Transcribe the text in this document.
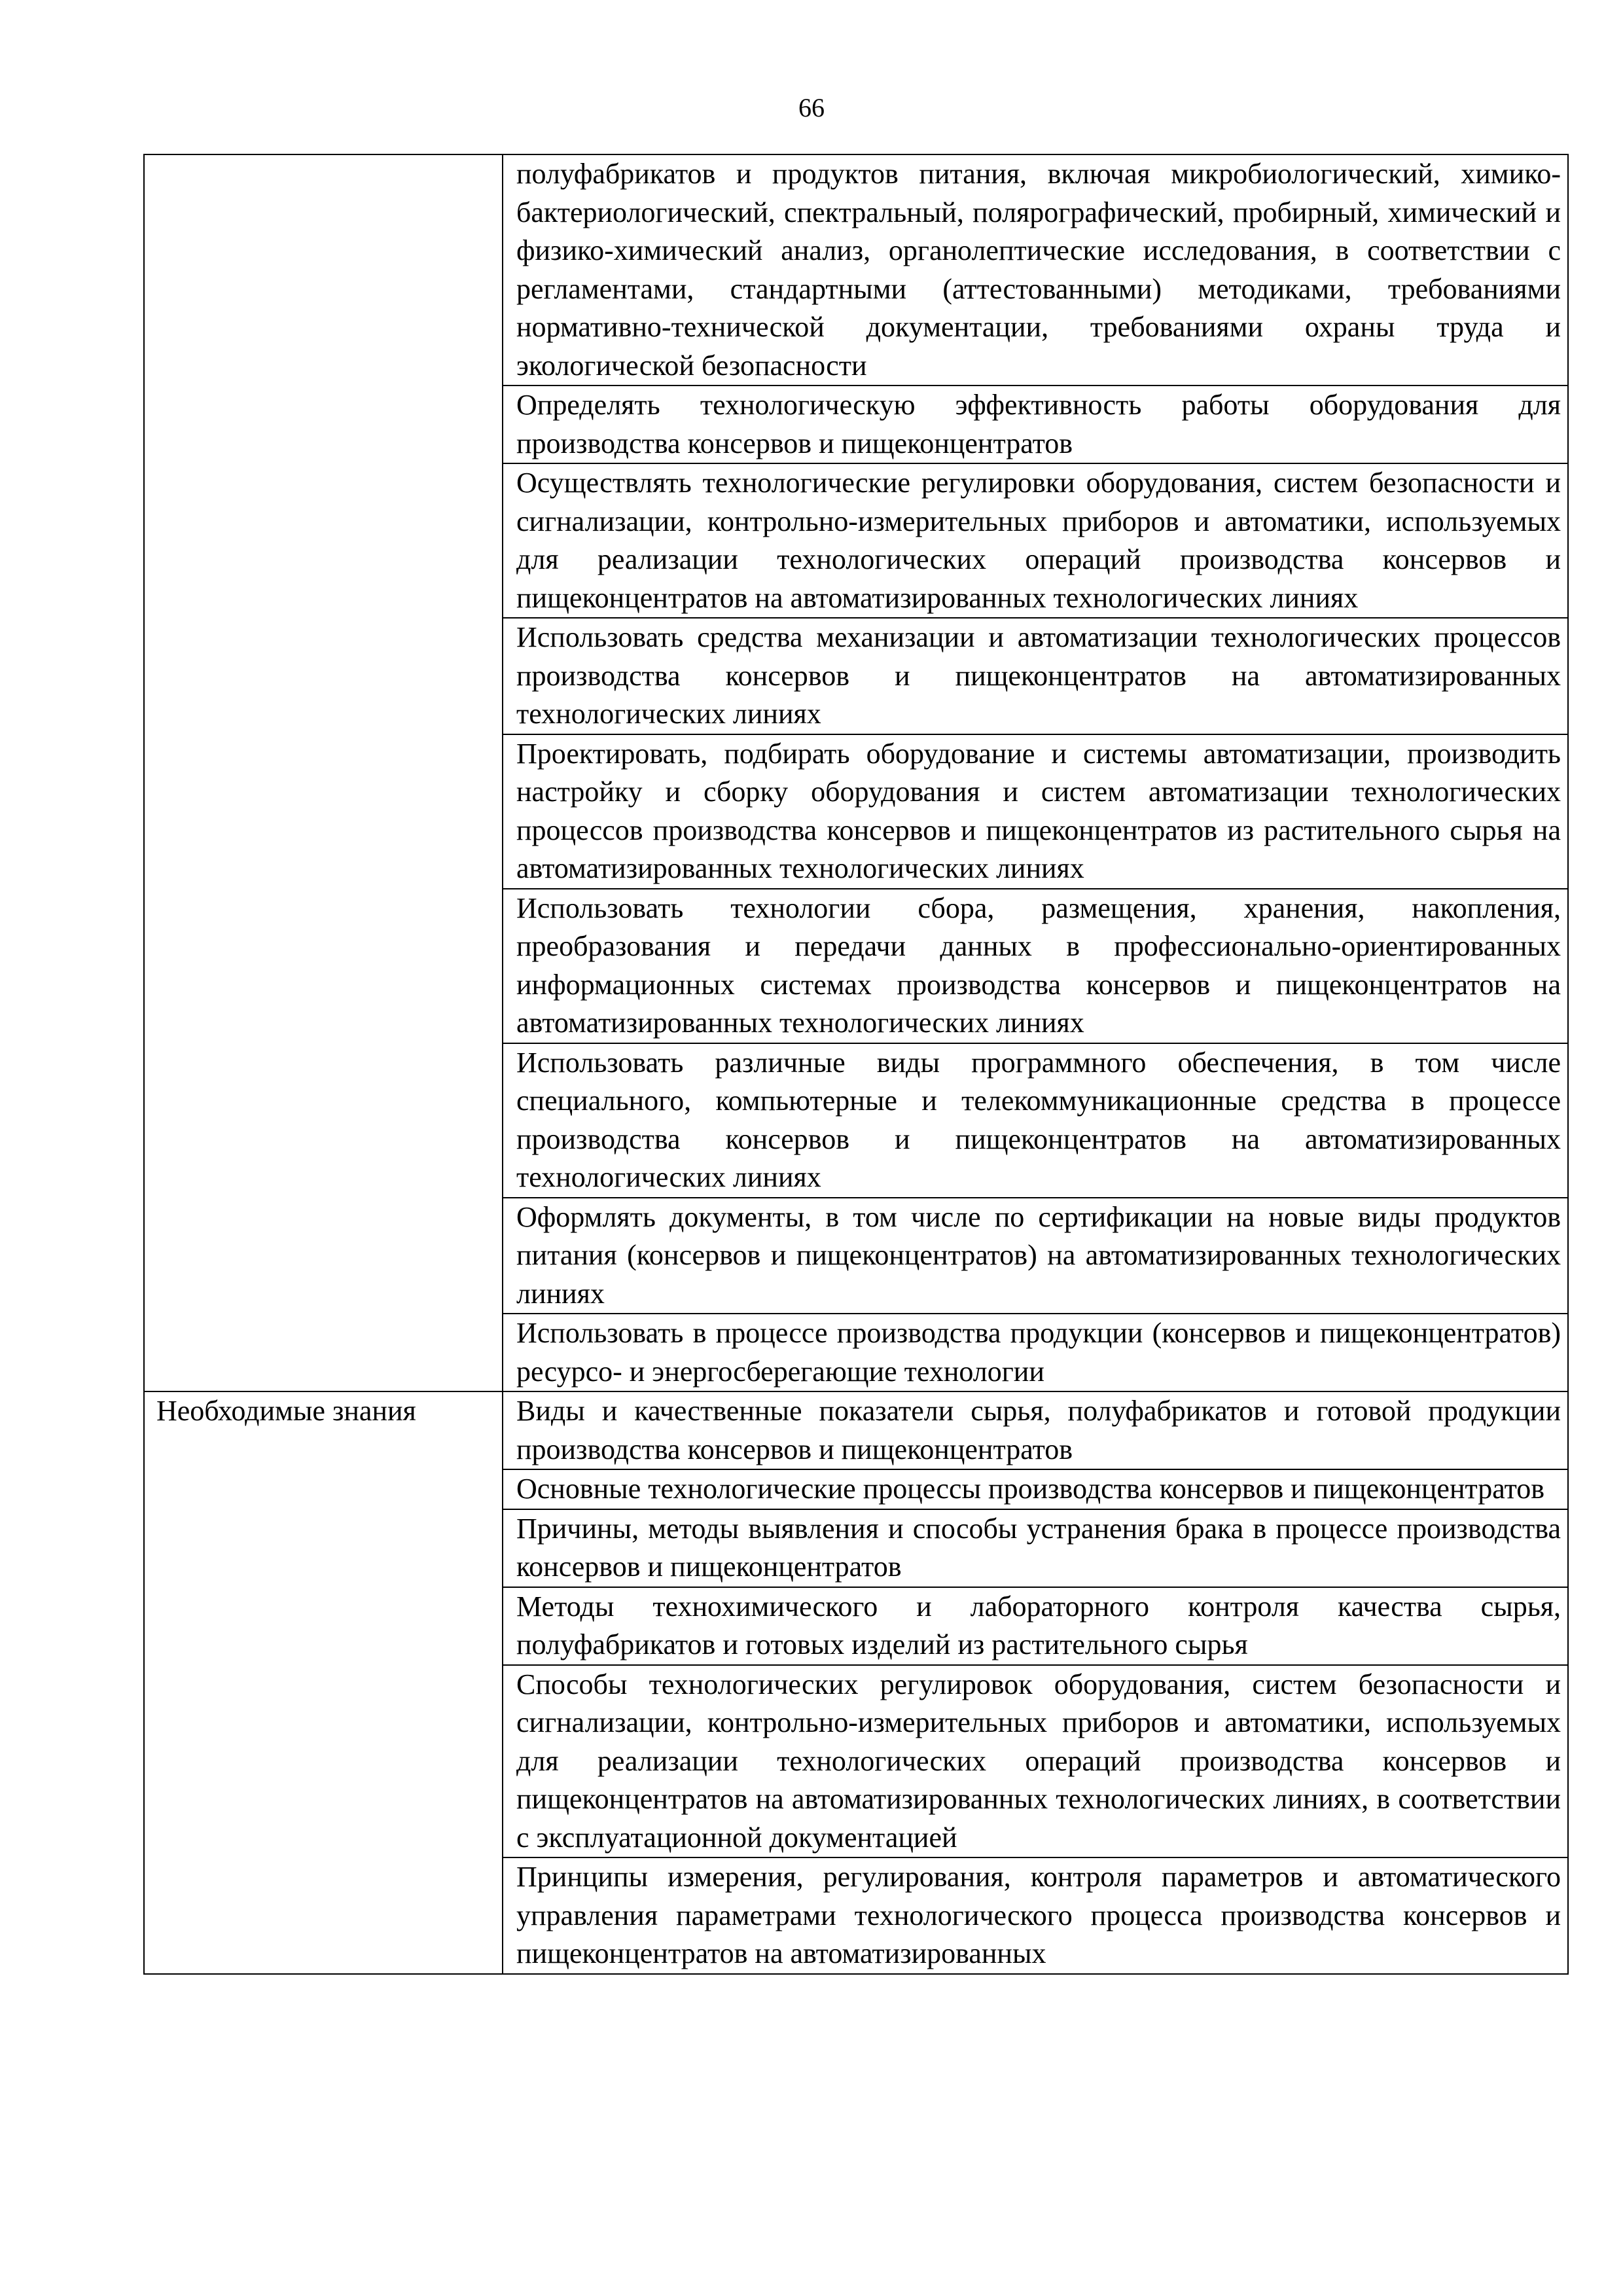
66
	полуфабрикатов и продуктов питания, включая микробиологический, химико-бактериологический, спектральный, полярографический, пробирный, химический и физико-химический анализ, органолептические исследования, в соответствии с регламентами, стандартными (аттестованными) методиками, требованиями нормативно-технической документации, требованиями охраны труда и экологической безопасности
	Определять технологическую эффективность работы оборудования для производства консервов и пищеконцентратов
	Осуществлять технологические регулировки оборудования, систем безопасности и сигнализации, контрольно-измерительных приборов и автоматики, используемых для реализации технологических операций производства консервов и пищеконцентратов на автоматизированных технологических линиях
	Использовать средства механизации и автоматизации технологических процессов производства консервов и пищеконцентратов на автоматизированных технологических линиях
	Проектировать, подбирать оборудование и системы автоматизации, производить настройку и сборку оборудования и систем автоматизации технологических процессов производства консервов и пищеконцентратов из растительного сырья на автоматизированных технологических линиях
	Использовать технологии сбора, размещения, хранения, накопления, преобразования и передачи данных в профессионально-ориентированных информационных системах производства консервов и пищеконцентратов на автоматизированных технологических линиях
	Использовать различные виды программного обеспечения, в том числе специального, компьютерные и телекоммуникационные средства в процессе производства консервов и пищеконцентратов на автоматизированных технологических линиях
	Оформлять документы, в том числе по сертификации на новые виды продуктов питания (консервов и пищеконцентратов) на автоматизированных технологических линиях
	Использовать в процессе производства продукции (консервов и пищеконцентратов) ресурсо- и энергосберегающие технологии
Необходимые знания	Виды и качественные показатели сырья, полуфабрикатов и готовой продукции производства консервов и пищеконцентратов
	Основные технологические процессы производства консервов и пищеконцентратов
	Причины, методы выявления и способы устранения брака в процессе производства консервов и пищеконцентратов
	Методы технохимического и лабораторного контроля качества сырья, полуфабрикатов и готовых изделий из растительного сырья
	Способы технологических регулировок оборудования, систем безопасности и сигнализации, контрольно-измерительных приборов и автоматики, используемых для реализации технологических операций производства консервов и пищеконцентратов на автоматизированных технологических линиях, в соответствии с эксплуатационной документацией
	Принципы измерения, регулирования, контроля параметров и автоматического управления параметрами технологического процесса производства консервов и пищеконцентратов на автоматизированных
